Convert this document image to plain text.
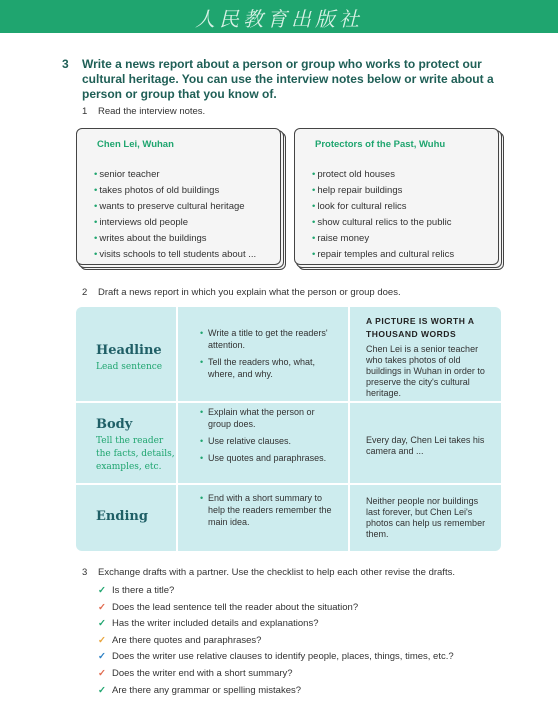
人民教育出版社
3 Write a news report about a person or group who works to protect our cultural heritage. You can use the interview notes below or write about a person or group that you know of.
1 Read the interview notes.
Chen Lei, Wuhan
• senior teacher
• takes photos of old buildings
• wants to preserve cultural heritage
• interviews old people
• writes about the buildings
• visits schools to tell students about ...
Protectors of the Past, Wuhu
• protect old houses
• help repair buildings
• look for cultural relics
• show cultural relics to the public
• raise money
• repair temples and cultural relics
2 Draft a news report in which you explain what the person or group does.
Headline
Lead sentence
• Write a title to get the readers' attention.
• Tell the readers who, what, where, and why.
A PICTURE IS WORTH A THOUSAND WORDS
Chen Lei is a senior teacher who takes photos of old buildings in Wuhan in order to preserve the city's cultural heritage.
Body
Tell the reader the facts, details, examples, etc.
• Explain what the person or group does.
• Use relative clauses.
• Use quotes and paraphrases.
Every day, Chen Lei takes his camera and ...
Ending
• End with a short summary to help the readers remember the main idea.
Neither people nor buildings last forever, but Chen Lei's photos can help us remember them.
3 Exchange drafts with a partner. Use the checklist to help each other revise the drafts.
✓ Is there a title?
✓ Does the lead sentence tell the reader about the situation?
✓ Has the writer included details and explanations?
✓ Are there quotes and paraphrases?
✓ Does the writer use relative clauses to identify people, places, things, times, etc.?
✓ Does the writer end with a short summary?
✓ Are there any grammar or spelling mistakes?
